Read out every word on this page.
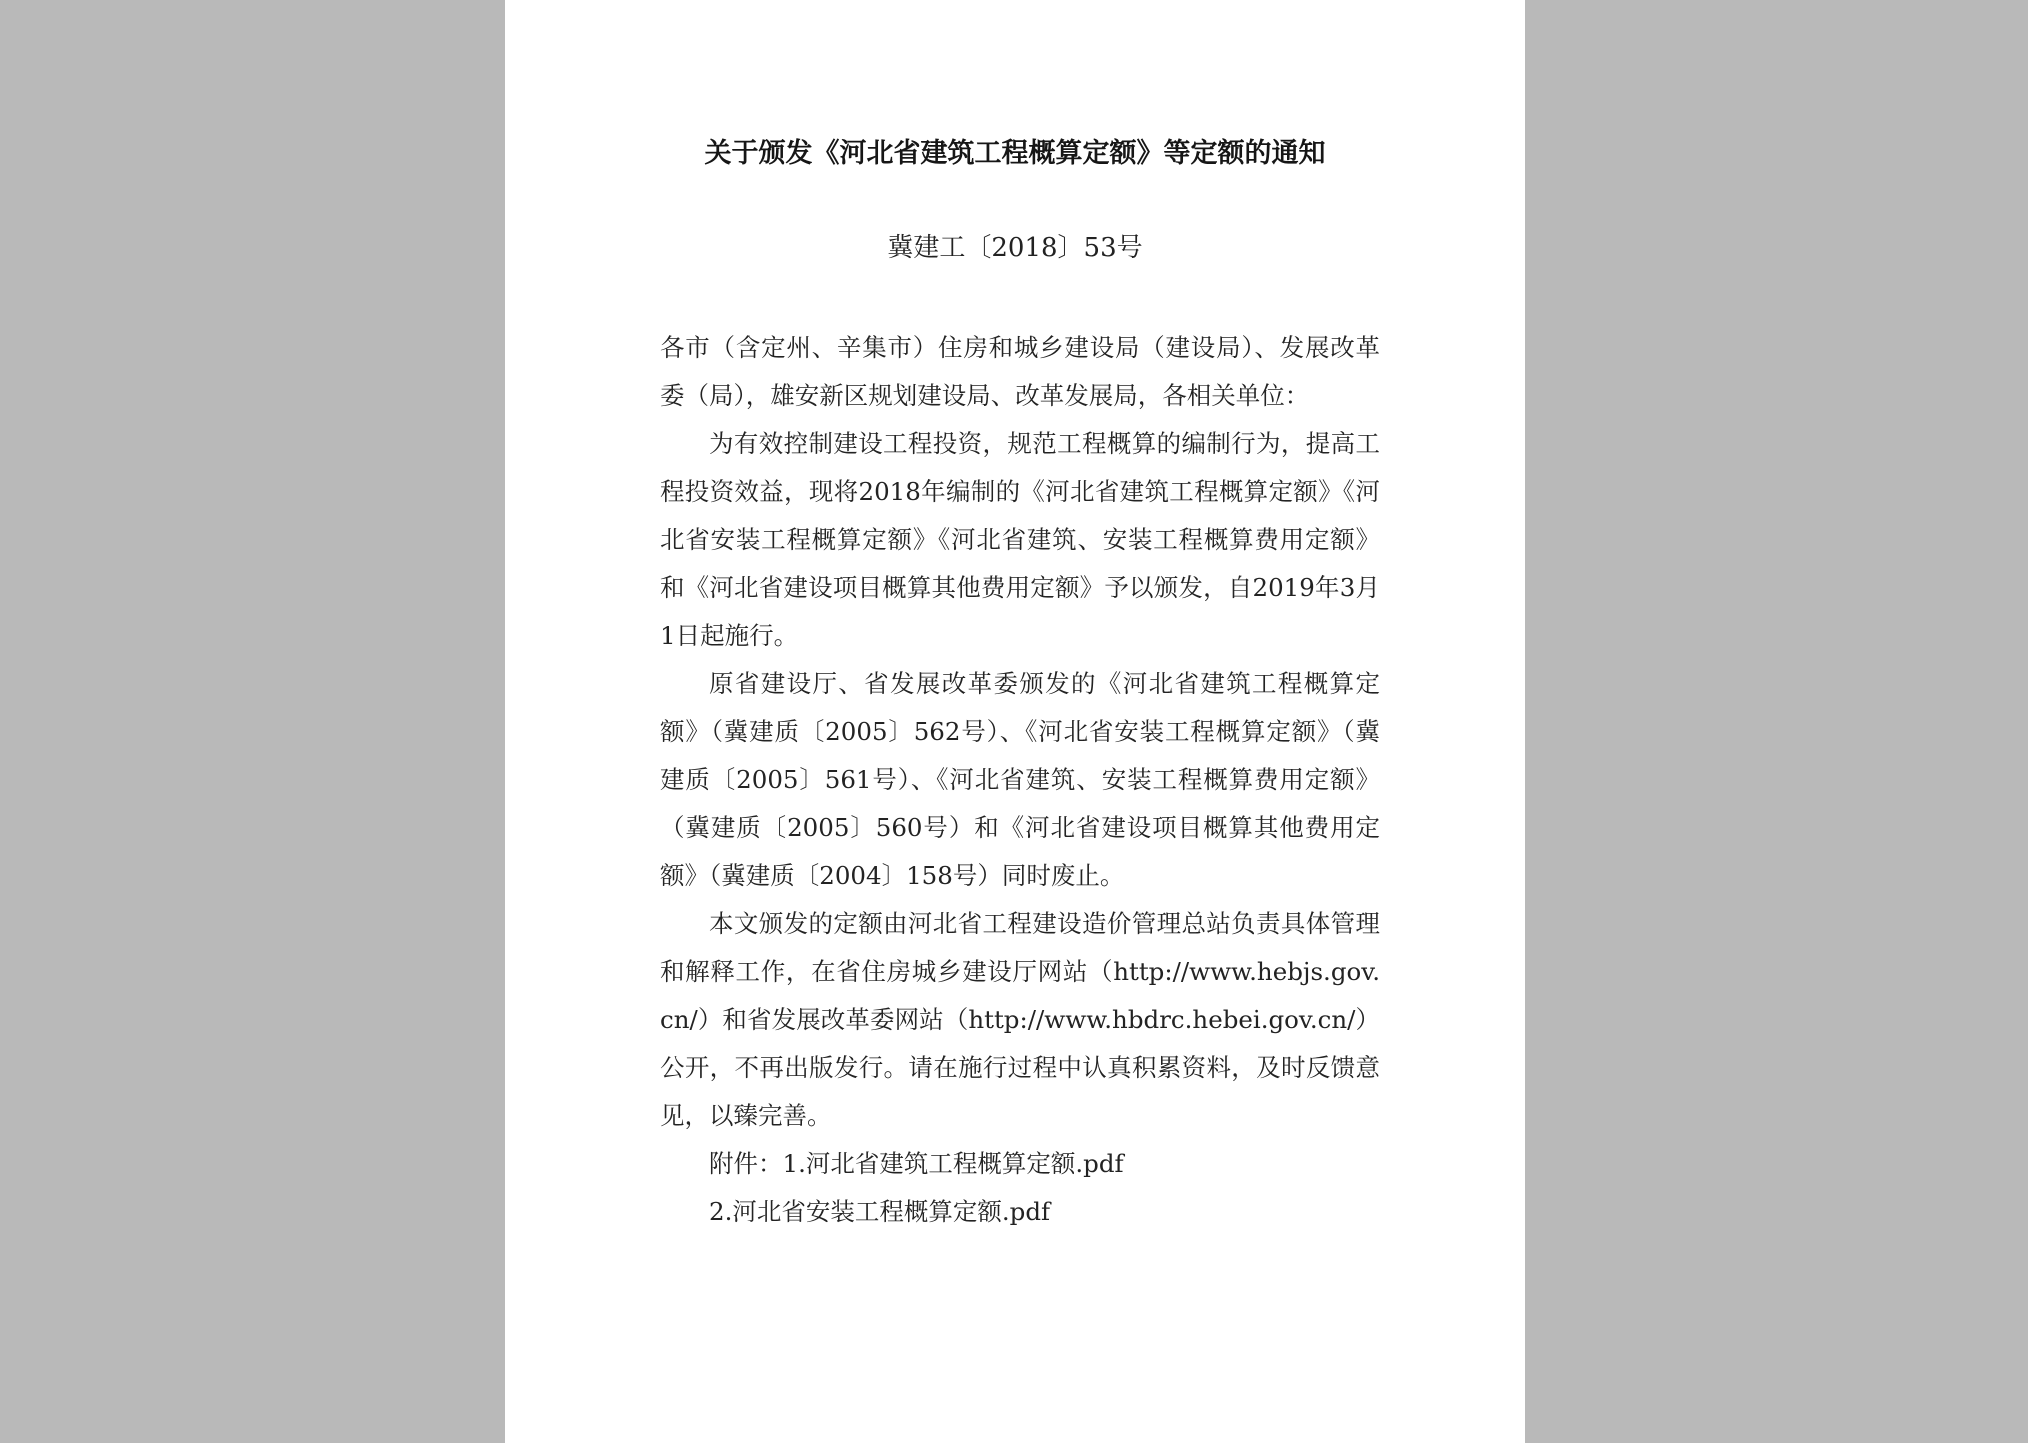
关于颁发《河北省建筑工程概算定额》等定额的通知
冀建工〔2018〕53号

各市（含定州、辛集市）住房和城乡建设局（建设局）、发展改革委（局），雄安新区规划建设局、改革发展局，各相关单位：

为有效控制建设工程投资，规范工程概算的编制行为，提高工程投资效益，现将2018年编制的《河北省建筑工程概算定额》《河北省安装工程概算定额》《河北省建筑、安装工程概算费用定额》和《河北省建设项目概算其他费用定额》予以颁发，自2019年3月1日起施行。

原省建设厅、省发展改革委颁发的《河北省建筑工程概算定额》（冀建质〔2005〕562号）、《河北省安装工程概算定额》（冀建质〔2005〕561号）、《河北省建筑、安装工程概算费用定额》（冀建质〔2005〕560号）和《河北省建设项目概算其他费用定额》（冀建质〔2004〕158号）同时废止。

本文颁发的定额由河北省工程建设造价管理总站负责具体管理和解释工作，在省住房城乡建设厅网站（http://www.hebjs.gov.cn/）和省发展改革委网站（http://www.hbdrc.hebei.gov.cn/）公开，不再出版发行。请在施行过程中认真积累资料，及时反馈意见，以臻完善。

附件：1.河北省建筑工程概算定额.pdf

2.河北省安装工程概算定额.pdf
